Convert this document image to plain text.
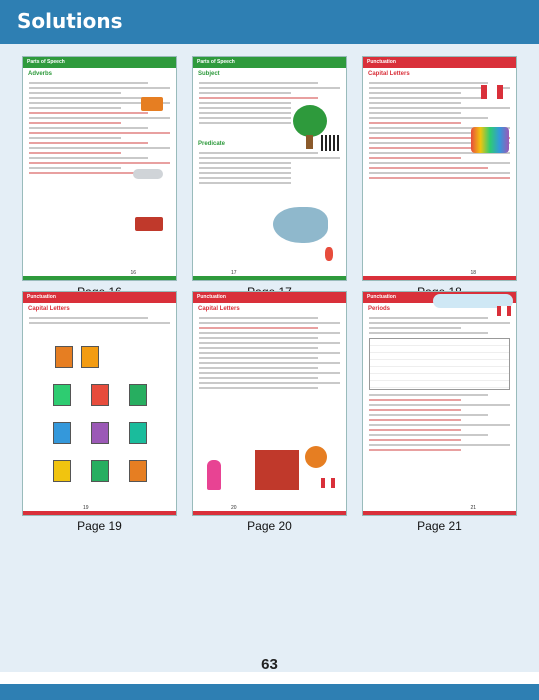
Solutions
Parts of Speech
Adverbs
16
Parts of Speech
Subject
Predicate
17
Punctuation
Capital Letters
18
Punctuation
Capital Letters
19
Page 19
Punctuation
Capital Letters
20
Page 20
Punctuation
Periods
21
Page 21
63
